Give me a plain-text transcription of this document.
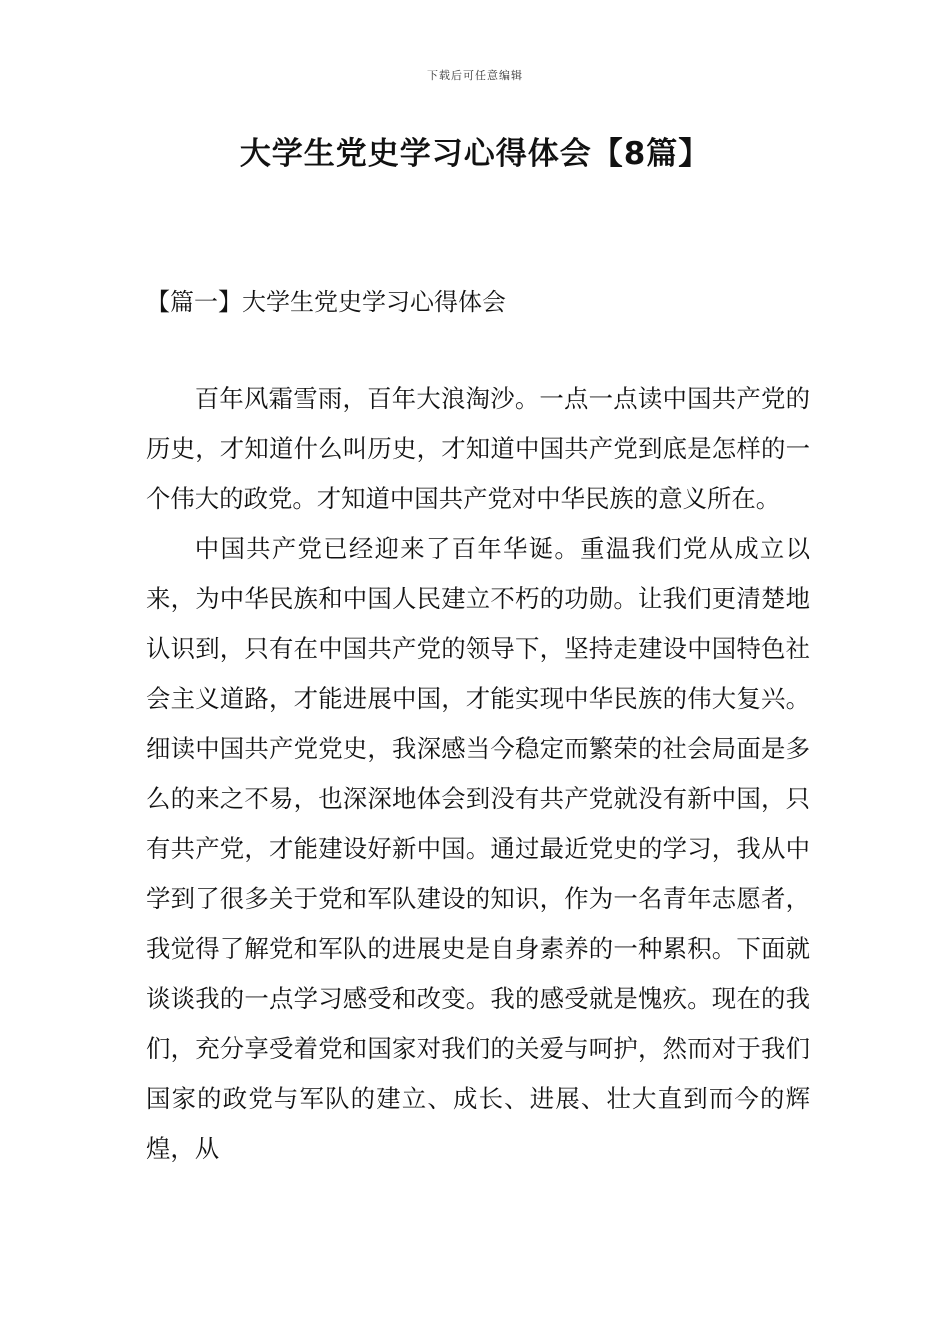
下载后可任意编辑
大学生党史学习心得体会【8篇】
【篇一】大学生党史学习心得体会

百年风霜雪雨，百年大浪淘沙。一点一点读中国共产党的历史，才知道什么叫历史，才知道中国共产党到底是怎样的一个伟大的政党。才知道中国共产党对中华民族的意义所在。

中国共产党已经迎来了百年华诞。重温我们党从成立以来，为中华民族和中国人民建立不朽的功勋。让我们更清楚地认识到，只有在中国共产党的领导下，坚持走建设中国特色社会主义道路，才能进展中国，才能实现中华民族的伟大复兴。细读中国共产党党史，我深感当今稳定而繁荣的社会局面是多么的来之不易，也深深地体会到没有共产党就没有新中国，只有共产党，才能建设好新中国。通过最近党史的学习，我从中学到了很多关于党和军队建设的知识，作为一名青年志愿者，我觉得了解党和军队的进展史是自身素养的一种累积。下面就谈谈我的一点学习感受和改变。我的感受就是愧疚。现在的我们，充分享受着党和国家对我们的关爱与呵护，然而对于我们国家的政党与军队的建立、成长、进展、壮大直到而今的辉煌，从
